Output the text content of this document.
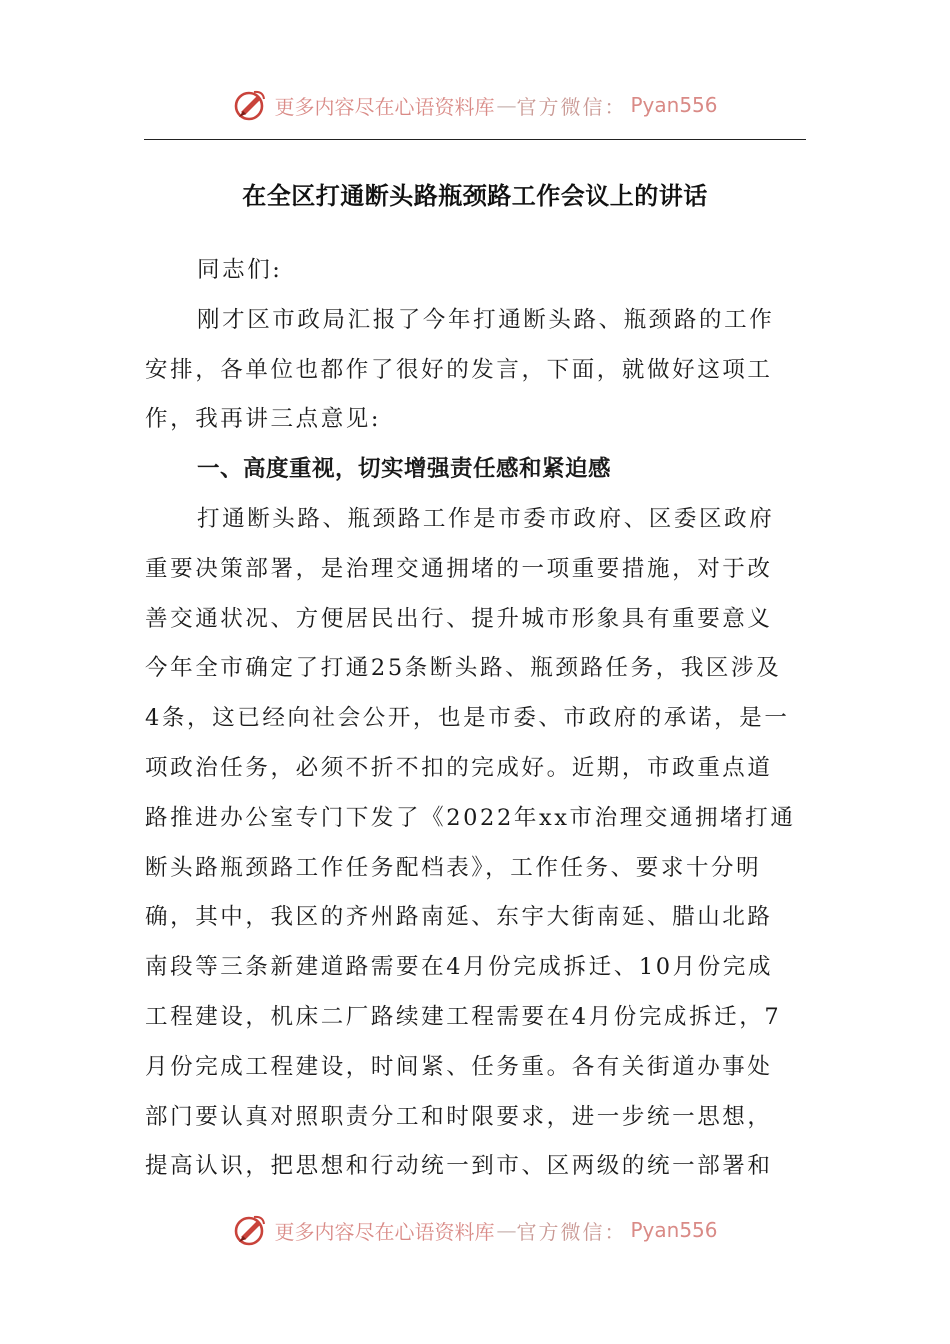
更多内容尽在心语资料库 — 官方微信： Pyan556
在全区打通断头路瓶颈路工作会议上的讲话

同志们:

刚才区市政局汇报了今年打通断头路、瓶颈路的工作
安排，各单位也都作了很好的发言，下面，就做好这项工
作，我再讲三点意见:

一、高度重视，切实增强责任感和紧迫感

打通断头路、瓶颈路工作是市委市政府、区委区政府
重要决策部署，是治理交通拥堵的一项重要措施，对于改
善交通状况、方便居民出行、提升城市形象具有重要意义
今年全市确定了打通25条断头路、瓶颈路任务，我区涉及
4条，这已经向社会公开，也是市委、市政府的承诺，是一
项政治任务，必须不折不扣的完成好。近期，市政重点道
路推进办公室专门下发了《2022年xx市治理交通拥堵打通
断头路瓶颈路工作任务配档表》，工作任务、要求十分明
确，其中，我区的齐州路南延、东宇大街南延、腊山北路
南段等三条新建道路需要在4月份完成拆迁、10月份完成
工程建设，机床二厂路续建工程需要在4月份完成拆迁，7
月份完成工程建设，时间紧、任务重。各有关街道办事处
部门要认真对照职责分工和时限要求，进一步统一思想，
提高认识，把思想和行动统一到市、区两级的统一部署和

更多内容尽在心语资料库 — 官方微信： Pyan556
